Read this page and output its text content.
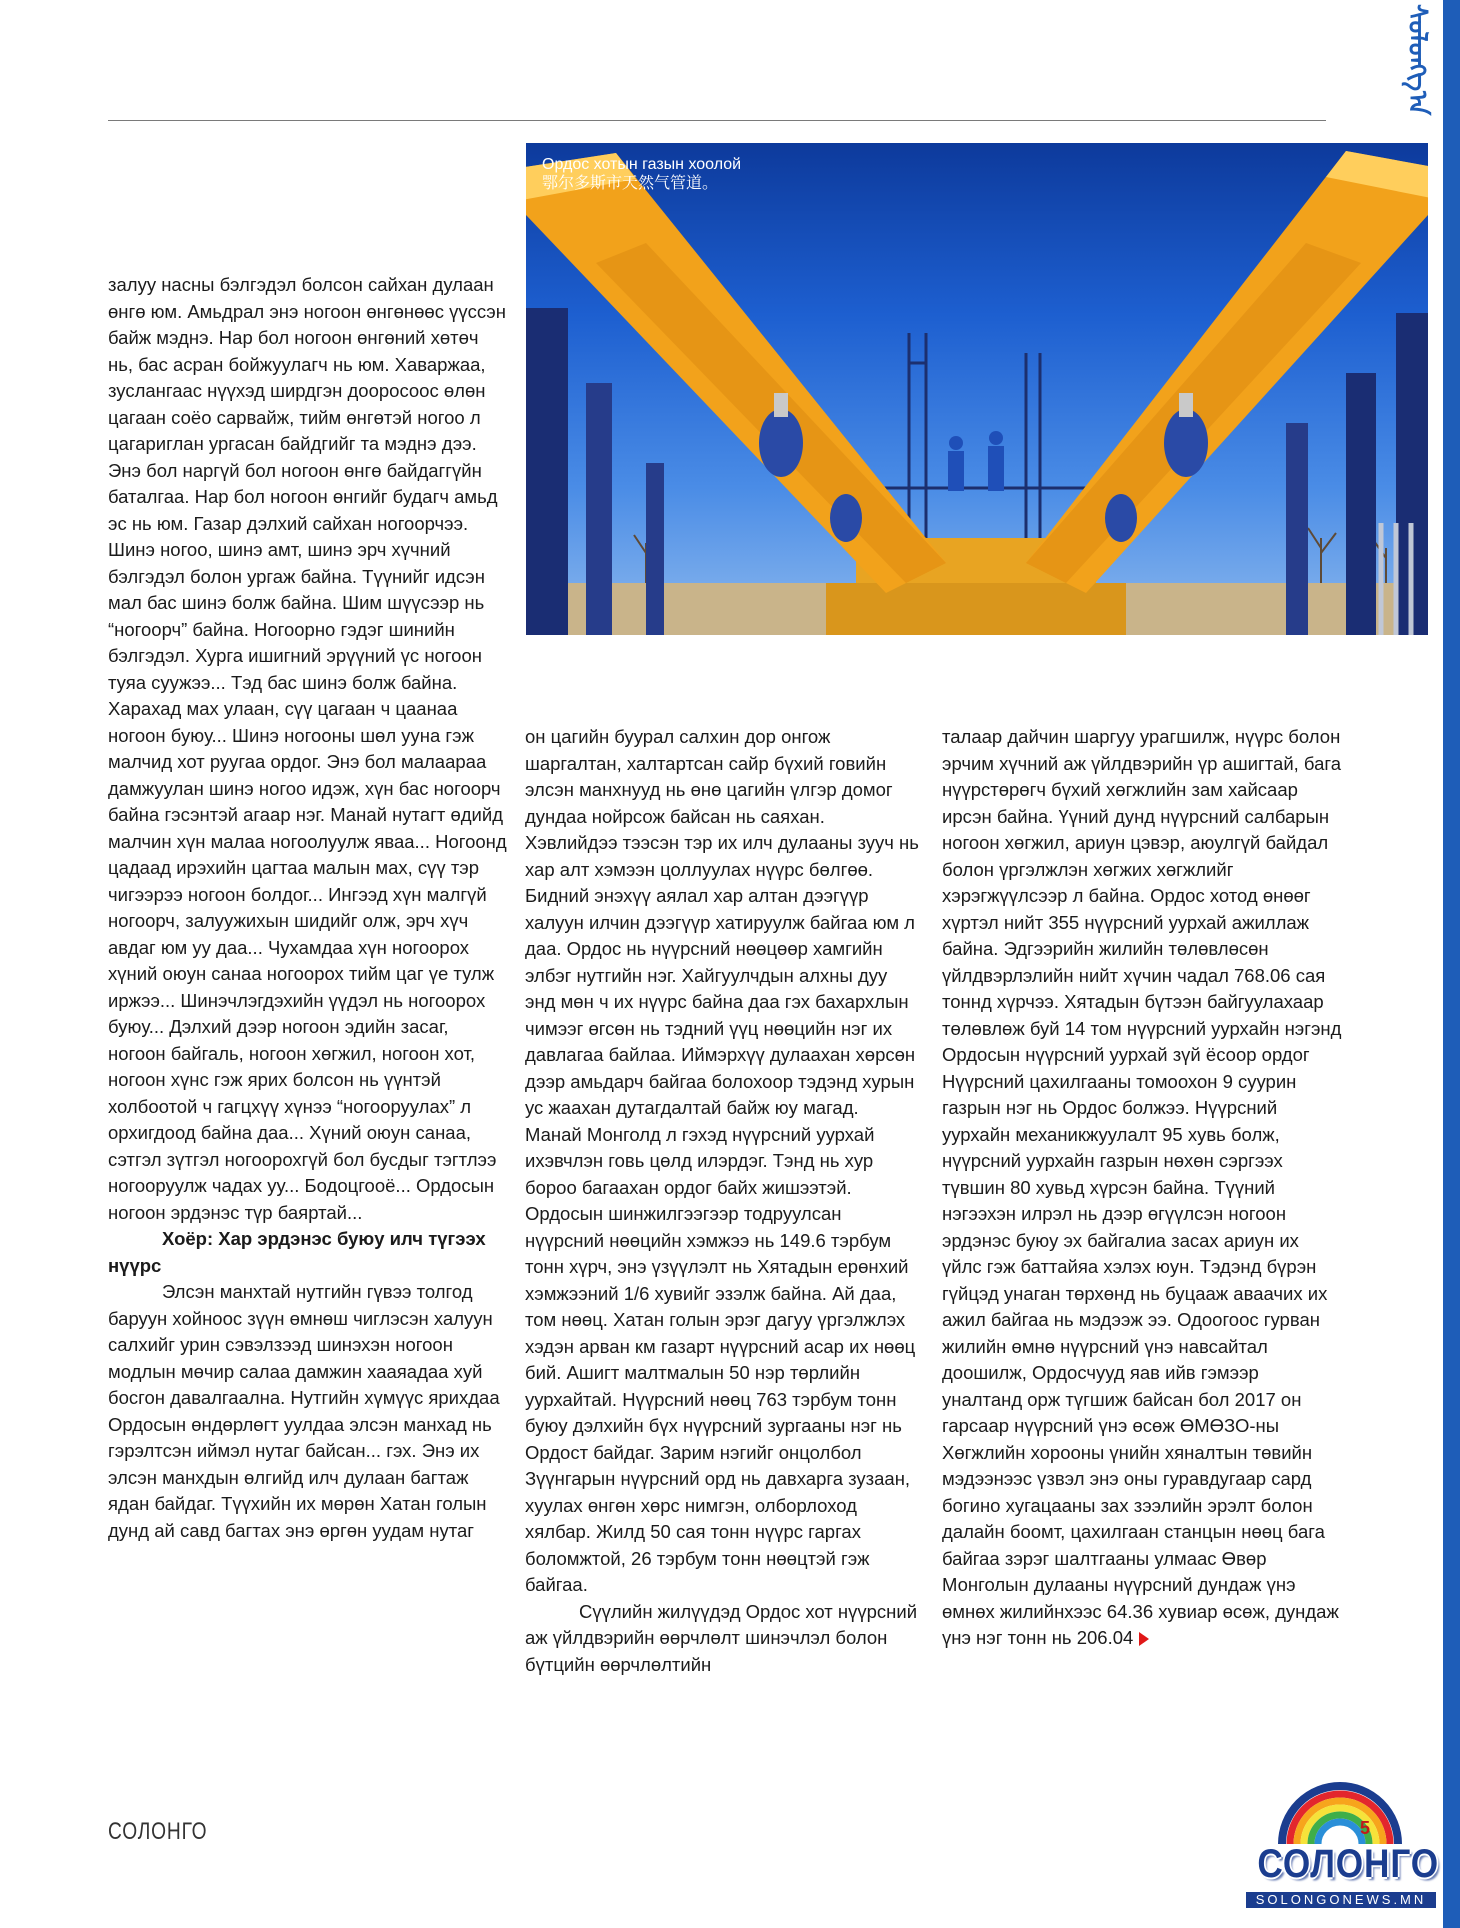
ᠰᠣᠯᠣᠩᠭ᠎ᠠ
Ордос хотын газын хоолой
鄂尔多斯市天然气管道。

залуу насны бэлгэдэл болсон сайхан дулаан өнгө юм. Амьдрал энэ ногоон өнгөнөөс үүссэн байж мэднэ. Нар бол ногоон өнгөний хөтөч нь, бас асран бойжуулагч нь юм. Хаваржаа, зуслангаас нүүхэд ширдгэн дооросоос өлөн цагаан соёо сарвайж, тийм өнгөтэй ногоо л цагариглан ургасан байдгийг та мэднэ дээ. Энэ бол наргүй бол ногоон өнгө байдаггүйн баталгаа. Нар бол ногоон өнгийг будагч амьд эс нь юм. Газар дэлхий сайхан ногоорчээ. Шинэ ногоо, шинэ амт, шинэ эрч хүчний бэлгэдэл болон ургаж байна. Түүнийг идсэн мал бас шинэ болж байна. Шим шүүсээр нь “ногоорч” байна. Ногоорно гэдэг шинийн бэлгэдэл. Хурга ишигний эрүүний үс ногоон туяа суужээ... Тэд бас шинэ болж байна. Харахад мах улаан, сүү цагаан ч цаанаа ногоон буюу... Шинэ ногооны шөл ууна гэж малчид хот руугаа ордог. Энэ бол малаараа дамжуулан шинэ ногоо идэж, хүн бас ногоорч байна гэсэнтэй агаар нэг. Манай нутагт өдийд малчин хүн малаа ногоолуулж яваа... Ногоонд цадаад ирэхийн цагтаа малын мах, сүү тэр чигээрээ ногоон болдог... Ингээд хүн малгүй ногоорч, залуужихын шидийг олж, эрч хүч авдаг юм уу даа... Чухамдаа хүн ногоорох хүний оюун санаа ногоорох тийм цаг үе тулж иржээ... Шинэчлэгдэхийн үүдэл нь ногоорох буюу... Дэлхий дээр ногоон эдийн засаг, ногоон байгаль, ногоон хөгжил, ногоон хот, ногоон хүнс гэж ярих болсон нь үүнтэй холбоотой ч гагцхүү хүнээ “ногооруулах” л орхигдоод байна даа... Хүний оюун санаа, сэтгэл зүтгэл ногоорохгүй бол бусдыг тэгтлээ ногооруулж чадах уу... Бодоцгооё... Ордосын ногоон эрдэнэс түр баяртай...

Хоёр: Хар эрдэнэс буюу илч түгээх нүүрс

Элсэн манхтай нутгийн гүвээ толгод баруун хойноос зүүн өмнөш чиглэсэн халуун салхийг урин сэвэлзээд шинэхэн ногоон модлын мөчир салаа дамжин хааяадаа хуй босгон давалгаална. Нутгийн хүмүүс ярихдаа Ордосын өндөрлөгт уулдаа элсэн манхад нь гэрэлтсэн иймэл нутаг байсан... гэх. Энэ их элсэн манхдын өлгийд илч дулаан багтаж ядан байдаг. Түүхийн их мөрөн Хатан голын дунд ай савд багтах энэ өргөн уудам нутаг

он цагийн буурал салхин дор онгож шаргалтан, халтартсан сайр бүхий говийн элсэн манхнууд нь өнө цагийн үлгэр домог дундаа нойрсож байсан нь саяхан. Хэвлийдээ тээсэн тэр их илч дулааны зууч нь хар алт хэмээн цоллуулах нүүрс бөлгөө. Бидний энэхүү аялал хар алтан дээгүүр халуун илчин дээгүүр хатируулж байгаа юм л даа. Ордос нь нүүрсний нөөцөөр хамгийн элбэг нутгийн нэг. Хайгуулчдын алхны дуу энд мөн ч их нүүрс байна даа гэх бахархлын чимээг өгсөн нь тэдний үүц нөөцийн нэг их давлагаа байлаа. Иймэрхүү дулаахан хөрсөн дээр амьдарч байгаа болохоор тэдэнд хурын ус жаахан дутагдалтай байж юу магад. Манай Монголд л гэхэд нүүрсний уурхай ихэвчлэн говь цөлд илэрдэг. Тэнд нь хур бороо багаахан ордог байх жишээтэй. Ордосын шинжилгээгээр тодруулсан нүүрсний нөөцийн хэмжээ нь 149.6 тэрбум тонн хүрч, энэ үзүүлэлт нь Хятадын ерөнхий хэмжээний 1/6 хувийг эзэлж байна. Ай даа, том нөөц. Хатан голын эрэг дагуу үргэлжлэх хэдэн арван км газарт нүүрсний асар их нөөц бий. Ашигт малтмалын 50 нэр төрлийн уурхайтай. Нүүрсний нөөц 763 тэрбум тонн буюу дэлхийн бүх нүүрсний зургааны нэг нь Ордост байдаг. Зарим нэгийг онцолбол Зүүнгарын нүүрсний орд нь давхарга зузаан, хуулах өнгөн хөрс нимгэн, олборлоход хялбар. Жилд 50 сая тонн нүүрс гаргах боломжтой, 26 тэрбум тонн нөөцтэй гэж байгаа.

Сүүлийн жилүүдэд Ордос хот нүүрсний аж үйлдвэрийн өөрчлөлт шинэчлэл болон бүтцийн өөрчлөлтийн

талаар дайчин шаргуу урагшилж, нүүрс болон эрчим хүчний аж үйлдвэрийн үр ашигтай, бага нүүрстөрөгч бүхий хөгжлийн зам хайсаар ирсэн байна. Үүний дунд нүүрсний салбарын ногоон хөгжил, ариун цэвэр, аюулгүй байдал болон үргэлжлэн хөгжих хөгжлийг хэрэгжүүлсээр л байна. Ордос хотод өнөөг хүртэл нийт 355 нүүрсний уурхай ажиллаж байна. Эдгээрийн жилийн төлөвлөсөн үйлдвэрлэлийн нийт хүчин чадал 768.06 сая тоннд хүрчээ. Хятадын бүтээн байгуулахаар төлөвлөж буй 14 том нүүрсний уурхайн нэгэнд Ордосын нүүрсний уурхай зүй ёсоор ордог Нүүрсний цахилгааны томоохон 9 суурин газрын нэг нь Ордос болжээ. Нүүрсний уурхайн механикжуулалт 95 хувь болж, нүүрсний уурхайн газрын нөхөн сэргээх түвшин 80 хувьд хүрсэн байна. Түүний нэгээхэн илрэл нь дээр өгүүлсэн ногоон эрдэнэс буюу эх байгалиа засах ариун их үйлс гэж баттайяа хэлэх юун. Тэдэнд бүрэн гүйцэд унаган төрхөнд нь буцааж аваачих их ажил байгаа нь мэдээж ээ. Одоогоос гурван жилийн өмнө нүүрсний үнэ навсайтал доошилж, Ордосчууд яав ийв гэмээр уналтанд орж түгшиж байсан бол 2017 он гарсаар нүүрсний үнэ өсөж ӨМӨЗО-ны Хөгжлийн хорооны үнийн хяналтын төвийн мэдээнээс үзвэл энэ оны гуравдугаар сард богино хугацааны зах зээлийн эрэлт болон далайн боомт, цахилгаан станцын нөөц бага байгаа зэрэг шалтгааны улмаас Өвөр Монголын дулааны нүүрсний дундаж үнэ өмнөх жилийнхээс 64.36 хувиар өсөж, дундаж үнэ нэг тонн нь 206.04

СОЛОНГО	5
СОЛОНГО
SOLONGONEWS.MN
